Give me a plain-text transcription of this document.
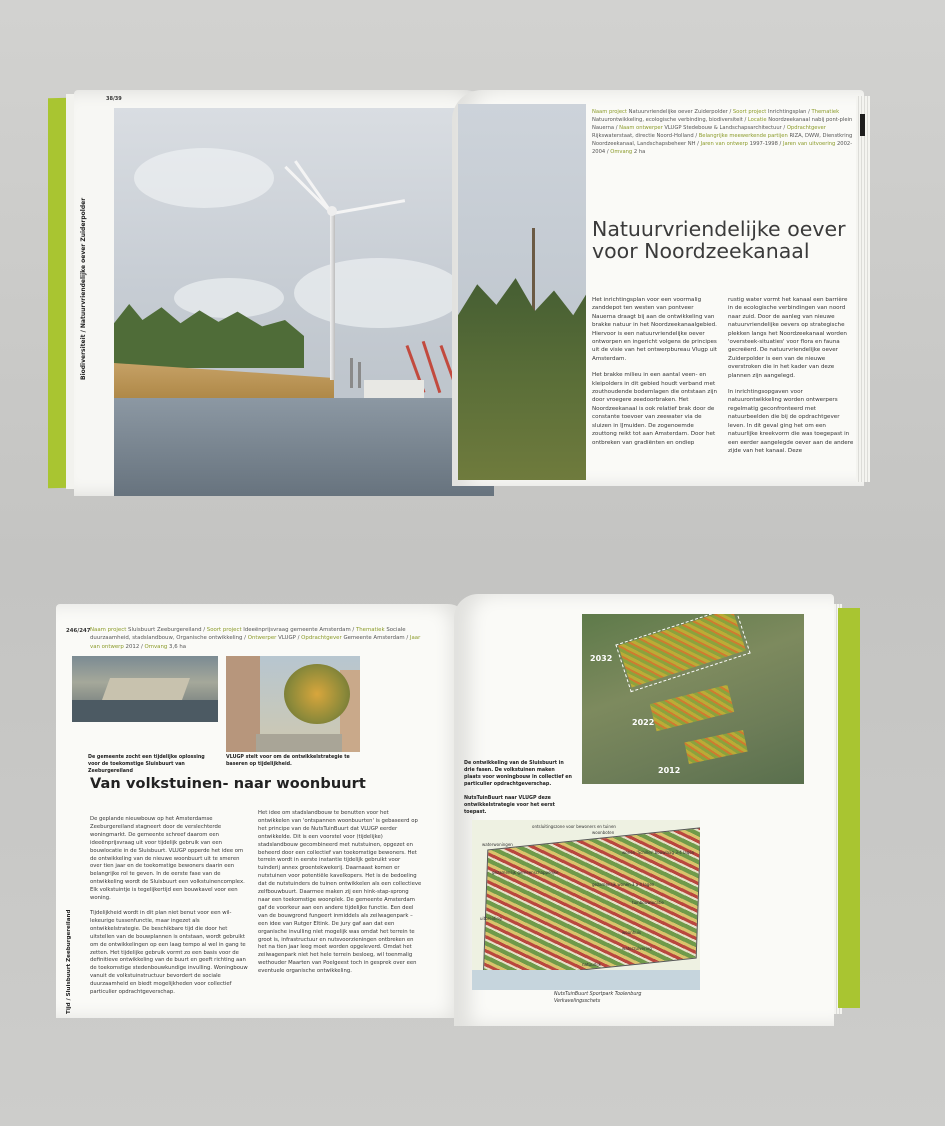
38/39
Biodiversiteit / Natuurvriendelijke oever Zuiderpolder
Naam project Natuurvriendelijke oever Zuiderpolder / Soort project Inrichtingsplan / Thematiek Natuurontwikkeling, ecologische verbinding, biodiversiteit / Locatie Noordzeekanaal nabij pont-plein Nauerna / Naam ontwerper VLUGP Stedebouw & Landschapsarchitectuur / Opdrachtgever Rijkswaterstaat, directie Noord-Holland / Belangrijke meewerkende partijen RIZA, DWW, Dienstkring Noordzeekanaal, Landschapsbeheer NH / Jaren van ontwerp 1997-1998 / Jaren van uitvoering 2002-2004 / Omvang 2 ha
Natuurvriendelijke oever voor Noordzeekanaal

Het inrichtingsplan voor een voormalig zanddepot ten westen van pontveer Nauerna draagt bij aan de ontwikkeling van brakke natuur in het Noordzeekanaalgebied. Hiervoor is een natuurvriendelijke oever ontworpen en ingericht volgens de principes uit de visie van het ontwerpbureau Vlugp uit Amsterdam.

Het brakke milieu in een aantal veen- en kleipolders in dit gebied houdt verband met zouthoudende bodemlagen die ontstaan zijn door vroegere zeedoorbraken. Het Noordzeekanaal is ook relatief brak door de constante toevoer van zeewater via de sluizen in IJmuiden. De zogenoemde zouttong reikt tot aan Amsterdam. Door het ontbreken van gradiënten en ondiep

rustig water vormt het kanaal een barrière in de ecologische verbindingen van noord naar zuid. Door de aanleg van nieuwe natuurvriendelijke oevers op strategische plekken langs het Noordzeekanaal worden 'oversteek-situaties' voor flora en fauna gecreëerd. De natuurvriendelijke oever Zuiderpolder is een van de nieuwe overstroken die in het kader van deze plannen zijn aangelegd.

In inrichtingsopgaven voor natuurontwikkeling worden ontwerpers regelmatig geconfronteerd met natuurbeelden die bij de opdrachtgever leven. In dit geval ging het om een natuurlijke kreekvorm die was toegepast in een eerder aangelegde oever aan de andere zijde van het kanaal. Deze

246/247 Naam project Sluisbuurt Zeeburgereiland / Soort project Ideeënprijsvraag gemeente Amsterdam / Thematiek Sociale duurzaamheid, stadslandbouw, Organische ontwikkeling / Ontwerper VLUGP / Opdrachtgever Gemeente Amsterdam / Jaar van ontwerp 2012 / Omvang 3,6 ha
De gemeente zocht een tijdelijke oplossing voor de toekomstige Sluisbuurt van Zeeburgereiland
VLUGP stelt voor om de ontwikkelstrategie te baseren op tijdelijkheid.
Van volkstuinen- naar woonbuurt

De geplande nieuwbouw op het Amsterdamse Zeeburgereiland stagneert door de verslechterde woningmarkt. De gemeente schreef daarom een ideeënprijsvraag uit voor tijdelijk gebruik van een bouwlocatie in de Sluisbuurt. VLUGP opperde het idee om de ontwikkeling van de nieuwe woonbuurt uit te smeren over tien jaar en de toekomstige bewoners daarin een belangrijke rol te geven. In de eerste fase van de ontwikkeling wordt de Sluisbuurt een volkstuinencomplex. Elk volkstuintje is tegelijkertijd een bouwkavel voor een woning.

Tijdelijkheid wordt in dit plan niet benut voor een wil-lekeurige tussenfunctie, maar ingezet als ontwikkelstrategie. De beschikbare tijd die door het uitstellen van de bouwplannen is ontstaan, wordt gebruikt om de ontwikkelingen op een laag tempo al wel in gang te zetten. Het tijdelijke gebruik vormt zo een basis voor de definitieve ontwikkeling van de buurt en geeft richting aan de toekomstige stedenbouwkundige invulling. Woningbouw vanuit de volkstuinstructuur bevordert de sociale duurzaamheid en biedt mogelijkheden voor collectief particulier opdrachtgeverschap.

Het idee om stadslandbouw te benutten voor het ontwikkelen van 'ontspannen woonbuurten' is gebaseerd op het principe van de NutsTuinBuurt dat VLUGP eerder ontwikkelde. Dit is een voorstel voor (tijdelijke) stadslandbouw gecombineerd met nutstuinen, opgezet en beheerd door een collectief van toekomstige bewoners. Het terrein wordt in eerste instantie tijdelijk gebruikt voor tuinderij annex groentekwekerij. Daarnaast komen er nutstuinen voor potentiële kavelkopers. Het is de bedoeling dat de nutstuinders de tuinen ontwikkelen als een collectieve zelfbouwbuurt. Daarmee maken zij een hink-stap-sprong naar een toekomstige woonplek. De gemeente Amsterdam gaf de voorkeur aan een andere tijdelijke functie. Een deel van de bouwgrond fungeert inmiddels als zeilwagenpark – een idee van Rutger Eltink. De jury gaf aan dat een organische invulling niet mogelijk was omdat het terrein te groot is, infrastructuur en nutsvoorzieningen ontbreken en het na tien jaar leeg moet worden opgeleverd. Omdat het zeilwagenpark niet het hele terrein besloeg, wil toenmalig wethouder Maarten van Poelgeest toch in gesprek over een eventuele organische ontwikkeling.

Tijd / Sluisbuurt Zeeburgereiland
2032
2022
2012
De ontwikkeling van de Sluisbuurt in drie fasen. De volkstuinen maken plaats voor woningbouw in collectief en particulier opdrachtgeverschap.

NutsTuinBuurt naar VLUGP deze ontwikkelstrategie voor het eerst toepast.
ontsluitingszone voor bewoners en tuinen
woonboten
waterwoningen
wonen 'Schiller' bouwlaag 3-4 lagen
gezamenlijk gemeenschappelijke
gezamenlijk wonen 3 a 4 lagen
tuinbouwlocatie
uitbreiding
woonhuis
waterzuivering
natuurlijk
NutsTuinBuurt Sportpark Toolenburg
Verkavelingsschets
